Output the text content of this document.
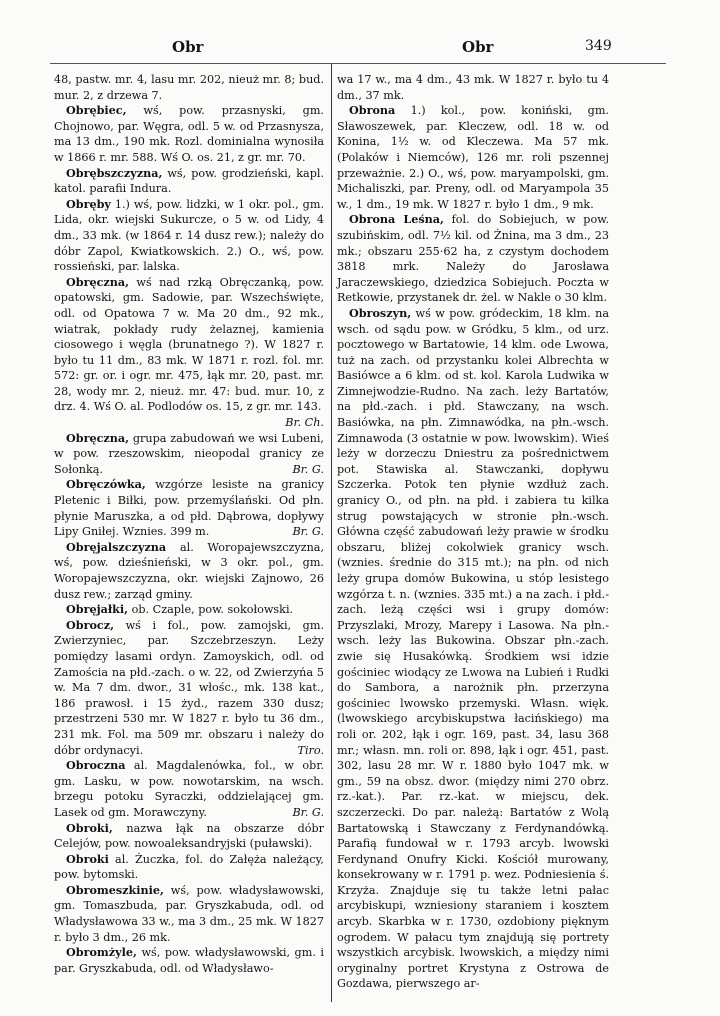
Obr	Obr	349

48, pastw. mr. 4, lasu mr. 202, nieuż mr. 8; bud. mur. 2, z drzewa 7.

Obrębiec, wś, pow. przasnyski, gm. Chojnowo, par. Węgra, odl. 5 w. od Przasnysza, ma 13 dm., 190 mk. Rozl. dominialna wynosiła w 1866 r. mr. 588. Wś O. os. 21, z gr. mr. 70.

Obrębszczyzna, wś, pow. grodzieński, kapl. katol. parafii Indura.

Obręby 1.) wś, pow. lidzki, w 1 okr. pol., gm. Lida, okr. wiejski Sukurcze, o 5 w. od Lidy, 4 dm., 33 mk. (w 1864 r. 14 dusz rew.); należy do dóbr Zapol, Kwiatkowskich. 2.) O., wś, pow. rossieński, par. lalska.

Obręczna, wś nad rzką Obręczanką, pow. opatowski, gm. Sadowie, par. Wszechświęte, odl. od Opatowa 7 w. Ma 20 dm., 92 mk., wiatrak, pokłady rudy żelaznej, kamienia ciosowego i węgla (brunatnego ?). W 1827 r. było tu 11 dm., 83 mk. W 1871 r. rozl. fol. mr. 572: gr. or. i ogr. mr. 475, łąk mr. 20, past. mr. 28, wody mr. 2, nieuż. mr. 47: bud. mur. 10, z drz. 4. Wś O. al. Podlodów os. 15, z gr. mr. 143.
Br. Ch.

Obręczna, grupa zabudowań we wsi Lubeni, w pow. rzeszowskim, nieopodal granicy ze Sołonką.	Br. G.

Obręczówka, wzgórze lesiste na granicy Pletenic i Biłki, pow. przemyślański. Od płn. płynie Maruszka, a od płd. Dąbrowa, dopływy Lipy Gniłej. Wznies. 399 m.	Br. G.

Obręjalszczyzna al. Woropajewszczyzna, wś, pow. dzieśnieński, w 3 okr. pol., gm. Woropajewszczyzna, okr. wiejski Zajnowo, 26 dusz rew.; zarząd gminy.

Obręjałki, ob. Czaple, pow. sokołowski.

Obrocz, wś i fol., pow. zamojski, gm. Zwierzyniec, par. Szczebrzeszyn. Leży pomiędzy lasami ordyn. Zamoyskich, odl. od Zamościa na płd.-zach. o w. 22, od Zwierzyńa 5 w. Ma 7 dm. dwor., 31 włośc., mk. 138 kat., 186 prawosł. i 15 żyd., razem 330 dusz; przestrzeni 530 mr. W 1827 r. było tu 36 dm., 231 mk. Fol. ma 509 mr. obszaru i należy do dóbr ordynacyi.	Tiro.

Obroczna al. Magdalenówka, fol., w obr. gm. Lasku, w pow. nowotarskim, na wsch. brzegu potoku Syraczki, oddzielającej gm. Lasek od gm. Morawczyny.	Br. G.

Obroki, nazwa łąk na obszarze dóbr Celejów, pow. nowoaleksandryjski (puławski).

Obroki al. Żuczka, fol. do Załęża należący, pow. bytomski.

Obromeszkinie, wś, pow. władysławowski, gm. Tomaszbuda, par. Gryszkabuda, odl. od Władysławowa 33 w., ma 3 dm., 25 mk. W 1827 r. było 3 dm., 26 mk.

Obromżyle, wś, pow. władysławowski, gm. i par. Gryszkabuda, odl. od Władysławo-

wa 17 w., ma 4 dm., 43 mk. W 1827 r. było tu 4 dm., 37 mk.

Obrona 1.) kol., pow. koniński, gm. Sławoszewek, par. Kleczew, odl. 18 w. od Konina, 1½ w. od Kleczewa. Ma 57 mk. (Polaków i Niemców), 126 mr. roli pszennej przeważnie. 2.) O., wś, pow. maryampolski, gm. Michaliszki, par. Preny, odl. od Maryampola 35 w., 1 dm., 19 mk. W 1827 r. było 1 dm., 9 mk.

Obrona Leśna, fol. do Sobiejuch, w pow. szubińskim, odl. 7½ kil. od Żnina, ma 3 dm., 23 mk.; obszaru 255·62 ha, z czystym dochodem 3818 mrk. Należy do Jarosława Jaraczewskiego, dziedzica Sobiejuch. Poczta w Retkowie, przystanek dr. żel. w Nakle o 30 klm.

Obroszyn, wś w pow. gródeckim, 18 klm. na wsch. od sądu pow. w Gródku, 5 klm., od urz. pocztowego w Bartatowie, 14 klm. ode Lwowa, tuż na zach. od przystanku kolei Albrechta w Basiówce a 6 klm. od st. kol. Karola Ludwika w Zimnejwodzie-Rudno. Na zach. leży Bartatów, na płd.-zach. i płd. Stawczany, na wsch. Basiówka, na płn. Zimnawódka, na płn.-wsch. Zimnawoda (3 ostatnie w pow. lwowskim). Wieś leży w dorzeczu Dniestru za pośrednictwem pot. Stawiska al. Stawczanki, dopływu Szczerka. Potok ten płynie wzdłuż zach. granicy O., od płn. na płd. i zabiera tu kilka strug powstających w stronie płn.-wsch. Główna część zabudowań leży prawie w środku obszaru, bliżej cokolwiek granicy wsch. (wznies. średnie do 315 mt.); na płn. od nich leży grupa domów Bukowina, u stóp lesistego wzgórza t. n. (wznies. 335 mt.) a na zach. i płd.-zach. leżą części wsi i grupy domów: Przyszlaki, Mrozy, Marepy i Lasowa. Na płn.-wsch. leży las Bukowina. Obszar płn.-zach. zwie się Husakówką. Środkiem wsi idzie gościniec wiodący ze Lwowa na Lubień i Rudki do Sambora, a narożnik płn. przerzyna gościniec lwowsko przemyski. Własn. więk. (lwowskiego arcybiskupstwa łacińskiego) ma roli or. 202, łąk i ogr. 169, past. 34, lasu 368 mr.; własn. mn. roli or. 898, łąk i ogr. 451, past. 302, lasu 28 mr. W r. 1880 było 1047 mk. w gm., 59 na obsz. dwor. (między nimi 270 obrz. rz.-kat.). Par. rz.-kat. w miejscu, dek. szczerzecki. Do par. należą: Bartatów z Wolą Bartatowską i Stawczany z Ferdynandówką. Parafią fundował w r. 1793 arcyb. lwowski Ferdynand Onufry Kicki. Kościół murowany, konsekrowany w r. 1791 p. wez. Podniesienia ś. Krzyża. Znajduje się tu także letni pałac arcybiskupi, wzniesiony staraniem i kosztem arcyb. Skarbka w r. 1730, ozdobiony pięknym ogrodem. W pałacu tym znajdują się portrety wszystkich arcybisk. lwowskich, a między nimi oryginalny portret Krystyna z Ostrowa de Gozdawa, pierwszego ar-
